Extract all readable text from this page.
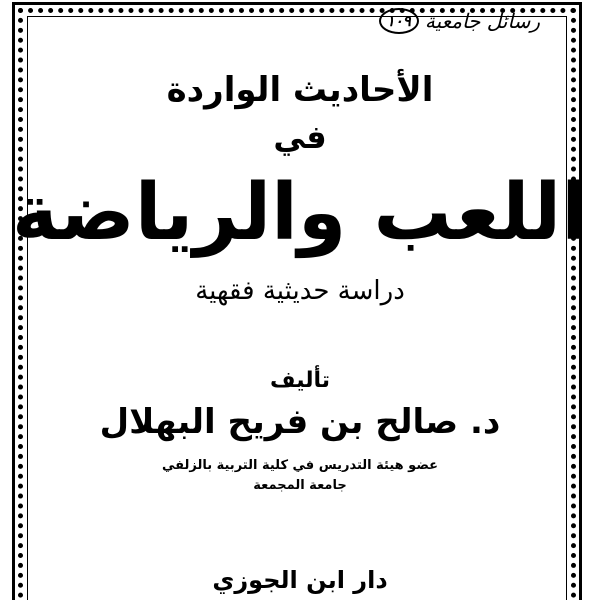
رسائل جامعية
١٠٩
الأحاديث الواردة
في
اللعب والرياضة
دراسة حديثية فقهية
تأليف
د. صالح بن فريح البهلال
عضو هيئة التدريس في كلية التربية بالزلفي
جامعة المجمعة
دار ابن الجوزي
